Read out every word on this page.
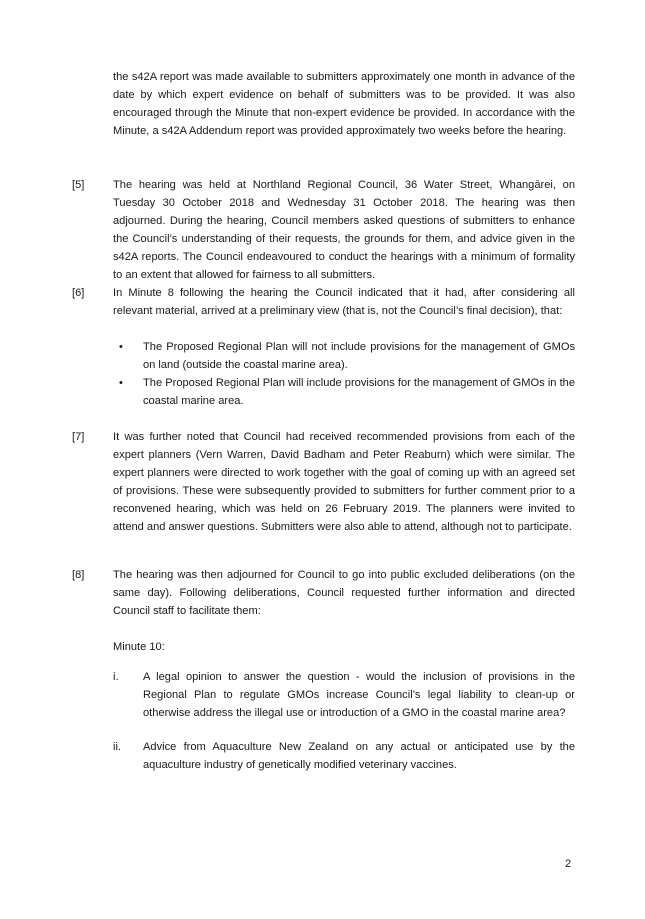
the s42A report was made available to submitters approximately one month in advance of the date by which expert evidence on behalf of submitters was to be provided. It was also encouraged through the Minute that non-expert evidence be provided. In accordance with the Minute, a s42A Addendum report was provided approximately two weeks before the hearing.

[5]	The hearing was held at Northland Regional Council, 36 Water Street, Whangārei, on Tuesday 30 October 2018 and Wednesday 31 October 2018. The hearing was then adjourned. During the hearing, Council members asked questions of submitters to enhance the Council’s understanding of their requests, the grounds for them, and advice given in the s42A reports. The Council endeavoured to conduct the hearings with a minimum of formality to an extent that allowed for fairness to all submitters.

[6]	In Minute 8 following the hearing the Council indicated that it had, after considering all relevant material, arrived at a preliminary view (that is, not the Council’s final decision), that:

• The Proposed Regional Plan will not include provisions for the management of GMOs on land (outside the coastal marine area).
• The Proposed Regional Plan will include provisions for the management of GMOs in the coastal marine area.
[7]	It was further noted that Council had received recommended provisions from each of the expert planners (Vern Warren, David Badham and Peter Reaburn) which were similar. The expert planners were directed to work together with the goal of coming up with an agreed set of provisions. These were subsequently provided to submitters for further comment prior to a reconvened hearing, which was held on 26 February 2019. The planners were invited to attend and answer questions. Submitters were also able to attend, although not to participate.

[8]	The hearing was then adjourned for Council to go into public excluded deliberations (on the same day). Following deliberations, Council requested further information and directed Council staff to facilitate them:

Minute 10:

i. A legal opinion to answer the question - would the inclusion of provisions in the Regional Plan to regulate GMOs increase Council’s legal liability to clean-up or otherwise address the illegal use or introduction of a GMO in the coastal marine area?
ii. Advice from Aquaculture New Zealand on any actual or anticipated use by the aquaculture industry of genetically modified veterinary vaccines.
2
